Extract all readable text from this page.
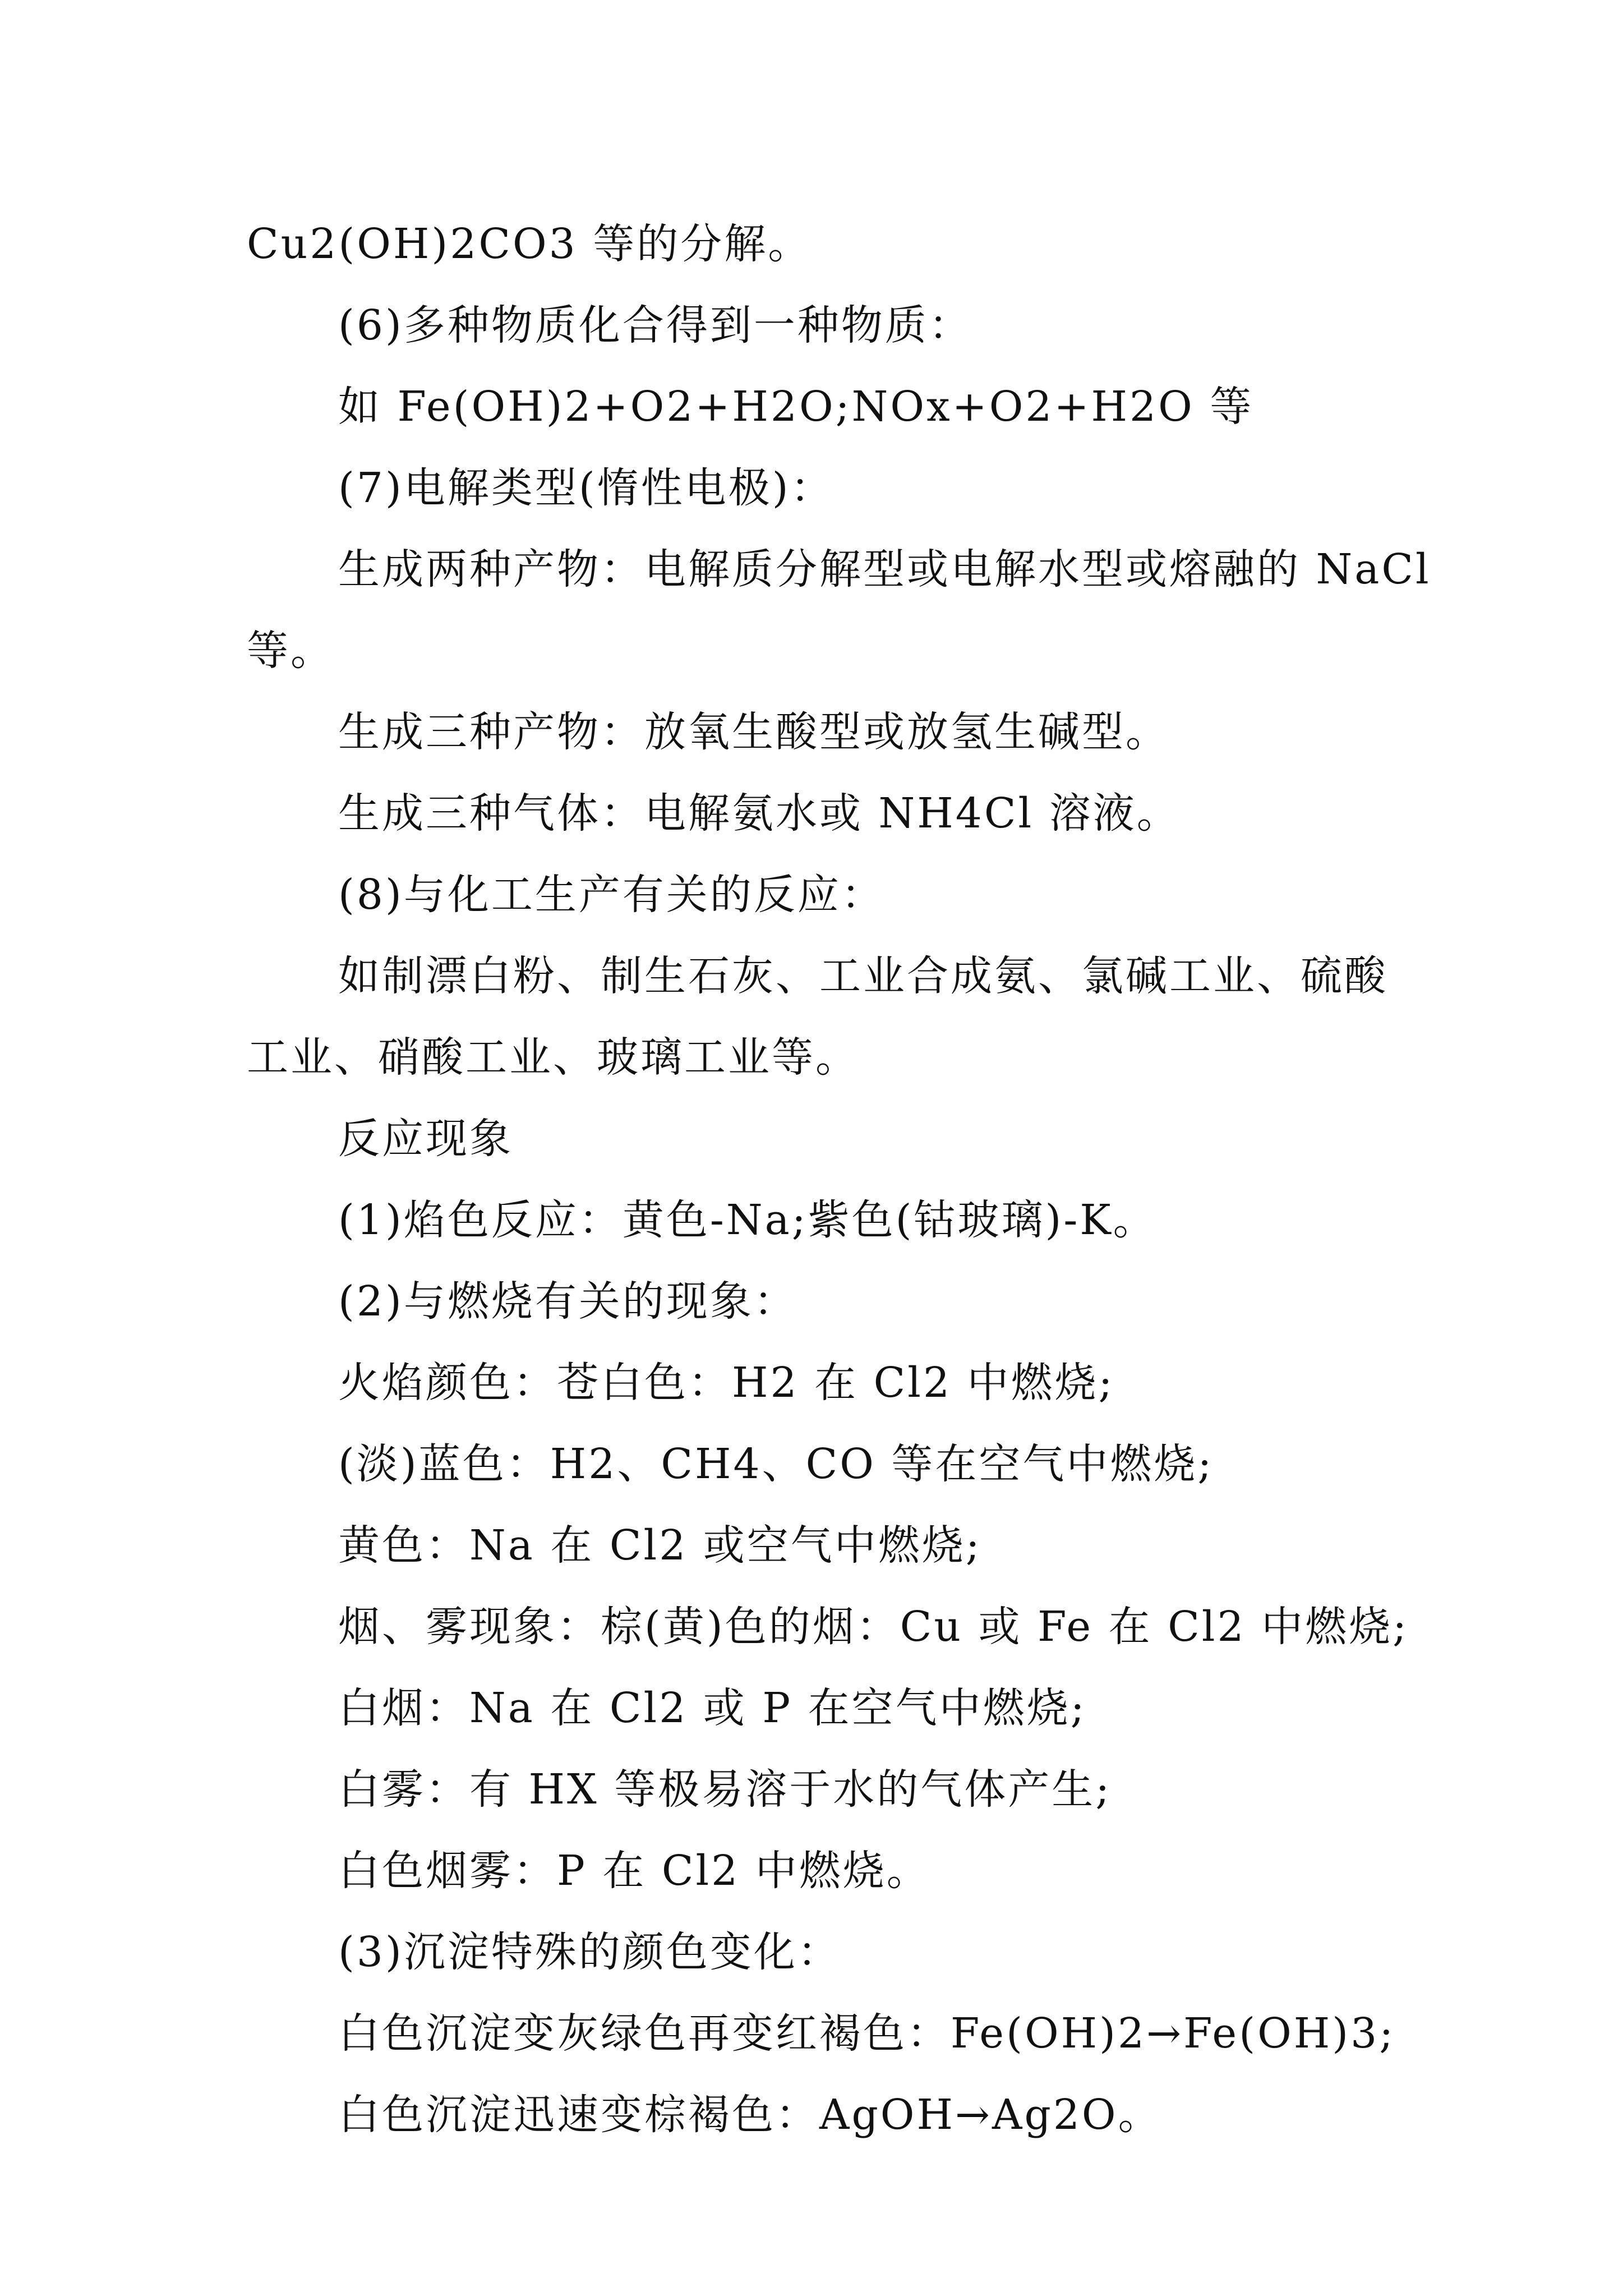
Cu2(OH)2CO3 等的分解。
(6)多种物质化合得到一种物质：
如 Fe(OH)2+O2+H2O;NOx+O2+H2O 等
(7)电解类型(惰性电极)：
生成两种产物：电解质分解型或电解水型或熔融的 NaCl
等。
生成三种产物：放氧生酸型或放氢生碱型。
生成三种气体：电解氨水或 NH4Cl 溶液。
(8)与化工生产有关的反应：
如制漂白粉、制生石灰、工业合成氨、氯碱工业、硫酸
工业、硝酸工业、玻璃工业等。
反应现象
(1)焰色反应：黄色-Na;紫色(钴玻璃)-K。
(2)与燃烧有关的现象：
火焰颜色：苍白色：H2 在 Cl2 中燃烧;
(淡)蓝色：H2、CH4、CO 等在空气中燃烧;
黄色：Na 在 Cl2 或空气中燃烧;
烟、雾现象：棕(黄)色的烟：Cu 或 Fe 在 Cl2 中燃烧;
白烟：Na 在 Cl2 或 P 在空气中燃烧;
白雾：有 HX 等极易溶于水的气体产生;
白色烟雾：P 在 Cl2 中燃烧。
(3)沉淀特殊的颜色变化：
白色沉淀变灰绿色再变红褐色：Fe(OH)2→Fe(OH)3;
白色沉淀迅速变棕褐色：AgOH→Ag2O。
